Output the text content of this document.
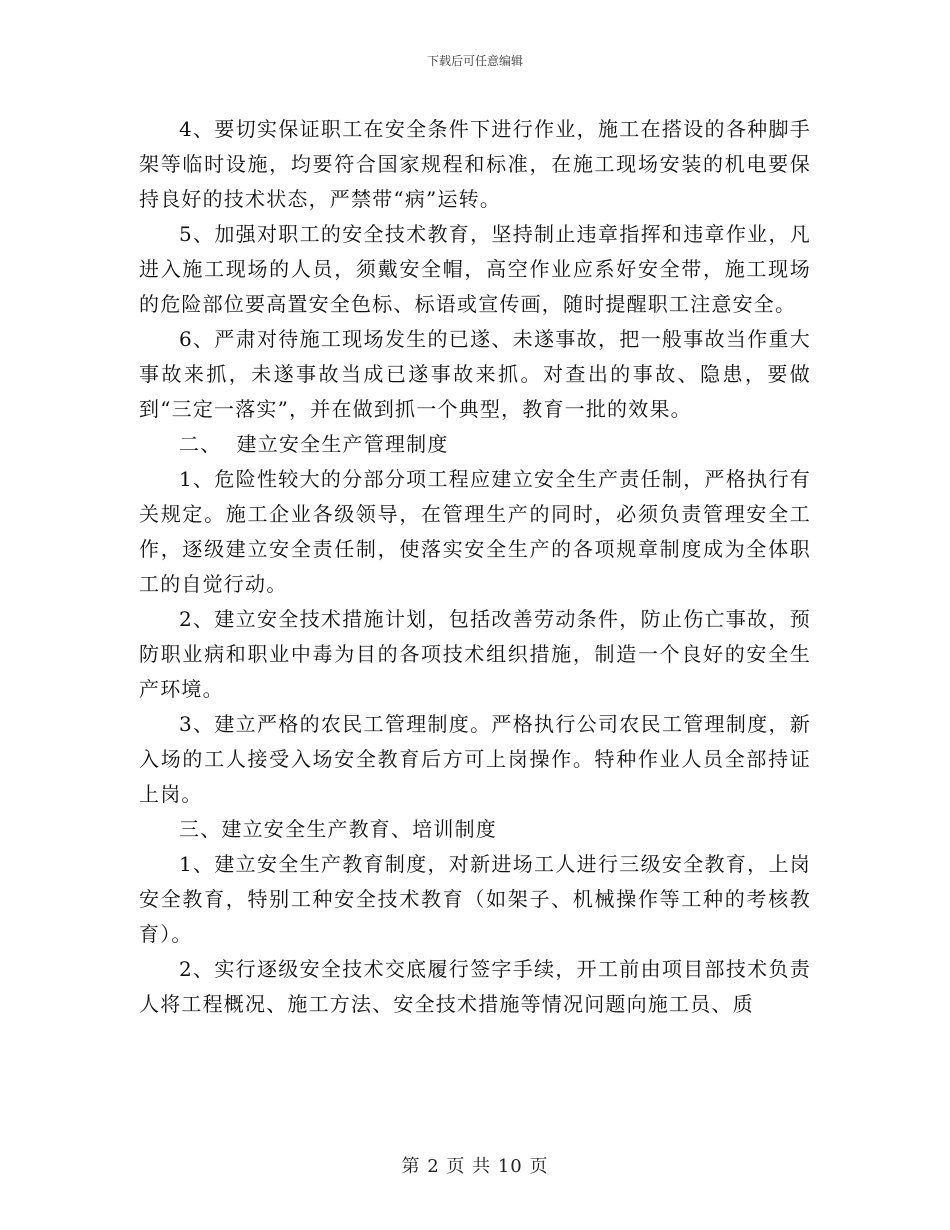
下载后可任意编辑

4、要切实保证职工在安全条件下进行作业，施工在搭设的各种脚手架等临时设施，均要符合国家规程和标准，在施工现场安装的机电要保持良好的技术状态，严禁带“病”运转。

5、加强对职工的安全技术教育，坚持制止违章指挥和违章作业，凡进入施工现场的人员，须戴安全帽，高空作业应系好安全带，施工现场的危险部位要高置安全色标、标语或宣传画，随时提醒职工注意安全。

6、严肃对待施工现场发生的已遂、未遂事故，把一般事故当作重大事故来抓，未遂事故当成已遂事故来抓。对查出的事故、隐患，要做到“三定一落实”，并在做到抓一个典型，教育一批的效果。

二、  建立安全生产管理制度

1、危险性较大的分部分项工程应建立安全生产责任制，严格执行有关规定。施工企业各级领导，在管理生产的同时，必须负责管理安全工作，逐级建立安全责任制，使落实安全生产的各项规章制度成为全体职工的自觉行动。

2、建立安全技术措施计划，包括改善劳动条件，防止伤亡事故，预防职业病和职业中毒为目的各项技术组织措施，制造一个良好的安全生产环境。

3、建立严格的农民工管理制度。严格执行公司农民工管理制度，新入场的工人接受入场安全教育后方可上岗操作。特种作业人员全部持证上岗。

三、建立安全生产教育、培训制度

1、建立安全生产教育制度，对新进场工人进行三级安全教育，上岗安全教育，特别工种安全技术教育（如架子、机械操作等工种的考核教育）。

2、实行逐级安全技术交底履行签字手续，开工前由项目部技术负责人将工程概况、施工方法、安全技术措施等情况问题向施工员、质

第 2 页 共 10 页
